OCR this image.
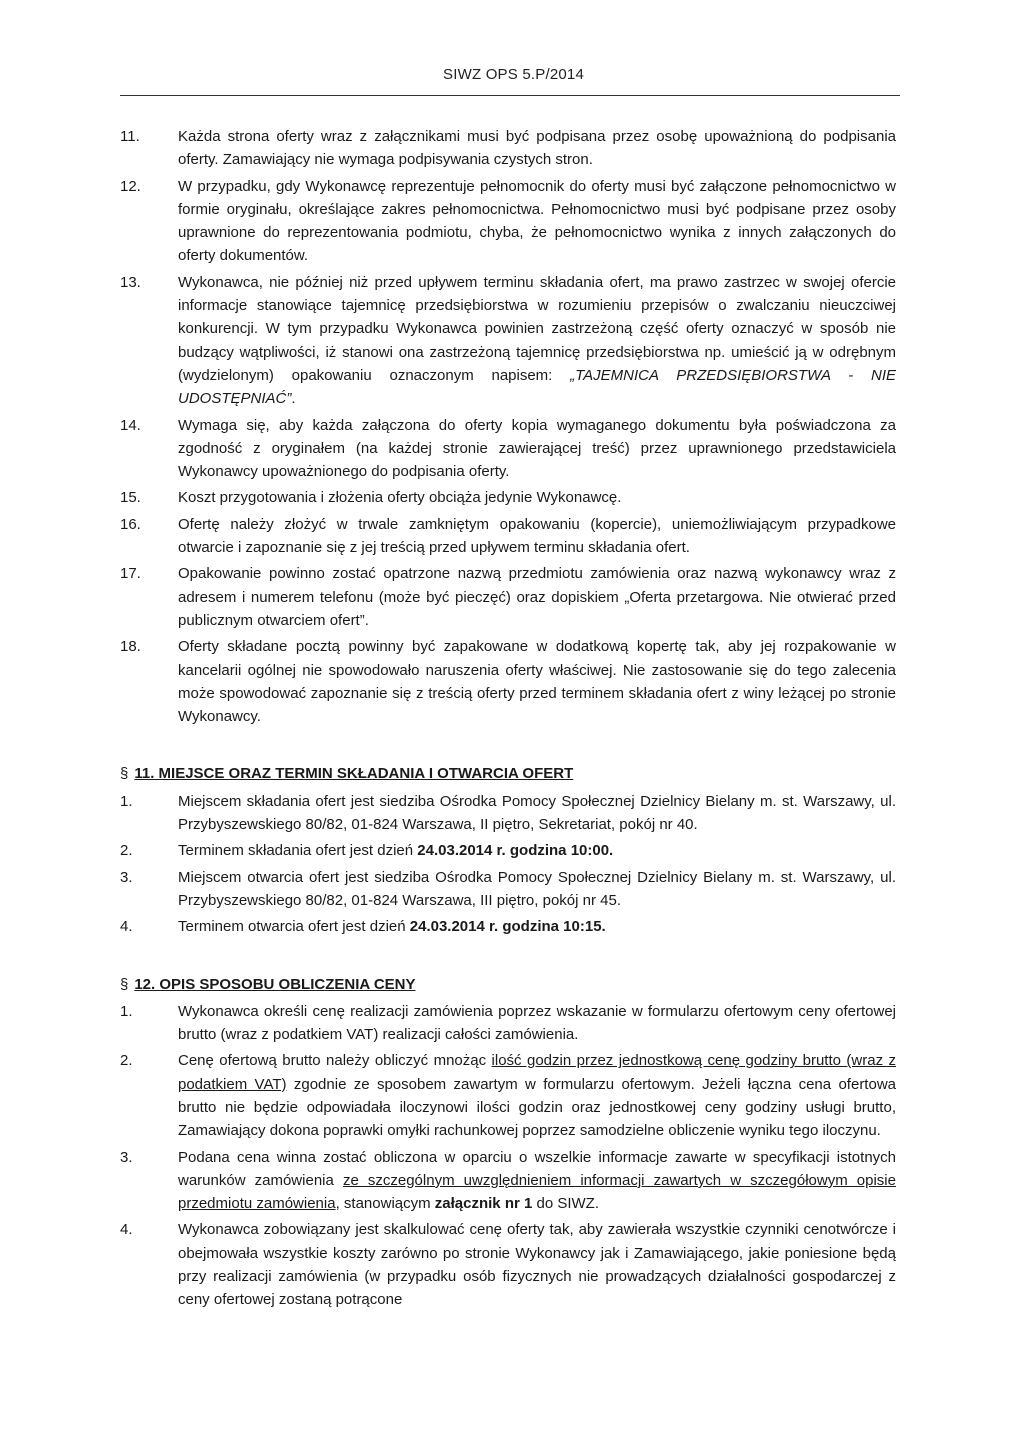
SIWZ OPS 5.P/2014
11.	Każda strona oferty wraz z załącznikami musi być podpisana przez osobę upoważnioną do podpisania oferty. Zamawiający nie wymaga podpisywania czystych stron.
12.	W przypadku, gdy Wykonawcę reprezentuje pełnomocnik do oferty musi być załączone pełnomocnictwo w formie oryginału, określające zakres pełnomocnictwa. Pełnomocnictwo musi być podpisane przez osoby uprawnione do reprezentowania podmiotu, chyba, że pełnomocnictwo wynika z innych załączonych do oferty dokumentów.
13.	Wykonawca, nie później niż przed upływem terminu składania ofert, ma prawo zastrzec w swojej ofercie informacje stanowiące tajemnicę przedsiębiorstwa w rozumieniu przepisów o zwalczaniu nieuczciwej konkurencji. W tym przypadku Wykonawca powinien zastrzeżoną część oferty oznaczyć w sposób nie budzący wątpliwości, iż stanowi ona zastrzeżoną tajemnicę przedsiębiorstwa np. umieścić ją w odrębnym (wydzielonym) opakowaniu oznaczonym napisem: „TAJEMNICA PRZEDSIĘBIORSTWA - NIE UDOSTĘPNIAĆ”.
14.	Wymaga się, aby każda załączona do oferty kopia wymaganego dokumentu była poświadczona za zgodność z oryginałem (na każdej stronie zawierającej treść) przez uprawnionego przedstawiciela Wykonawcy upoważnionego do podpisania oferty.
15.	Koszt przygotowania i złożenia oferty obciąża jedynie Wykonawcę.
16.	Ofertę należy złożyć w trwale zamkniętym opakowaniu (kopercie), uniemożliwiającym przypadkowe otwarcie i zapoznanie się z jej treścią przed upływem terminu składania ofert.
17.	Opakowanie powinno zostać opatrzone nazwą przedmiotu zamówienia oraz nazwą wykonawcy wraz z adresem i numerem telefonu (może być pieczęć) oraz dopiskiem „Oferta przetargowa. Nie otwierać przed publicznym otwarciem ofert”.
18.	Oferty składane pocztą powinny być zapakowane w dodatkową kopertę tak, aby jej rozpakowanie w kancelarii ogólnej nie spowodowało naruszenia oferty właściwej. Nie zastosowanie się do tego zalecenia może spowodować zapoznanie się z treścią oferty przed terminem składania ofert z winy leżącej po stronie Wykonawcy.
§ 11. MIEJSCE ORAZ TERMIN SKŁADANIA I OTWARCIA OFERT
1.	Miejscem składania ofert jest siedziba Ośrodka Pomocy Społecznej Dzielnicy Bielany m. st. Warszawy, ul. Przybyszewskiego 80/82, 01-824 Warszawa, II piętro, Sekretariat, pokój nr 40.
2.	Terminem składania ofert jest dzień 24.03.2014 r. godzina 10:00.
3.	Miejscem otwarcia ofert jest siedziba Ośrodka Pomocy Społecznej Dzielnicy Bielany m. st. Warszawy, ul. Przybyszewskiego 80/82, 01-824 Warszawa, III piętro, pokój nr 45.
4.	Terminem otwarcia ofert jest dzień 24.03.2014 r. godzina 10:15.
§ 12. OPIS SPOSOBU OBLICZENIA CENY
1.	Wykonawca określi cenę realizacji zamówienia poprzez wskazanie w formularzu ofertowym ceny ofertowej brutto (wraz z podatkiem VAT) realizacji całości zamówienia.
2.	Cenę ofertową brutto należy obliczyć mnożąc ilość godzin przez jednostkową cenę godziny brutto (wraz z podatkiem VAT) zgodnie ze sposobem zawartym w formularzu ofertowym. Jeżeli łączna cena ofertowa brutto nie będzie odpowiadała iloczynowi ilości godzin oraz jednostkowej ceny godziny usługi brutto, Zamawiający dokona poprawki omyłki rachunkowej poprzez samodzielne obliczenie wyniku tego iloczynu.
3.	Podana cena winna zostać obliczona w oparciu o wszelkie informacje zawarte w specyfikacji istotnych warunków zamówienia ze szczególnym uwzględnieniem informacji zawartych w szczegółowym opisie przedmiotu zamówienia, stanowiącym załącznik nr 1 do SIWZ.
4.	Wykonawca zobowiązany jest skalkulować cenę oferty tak, aby zawierała wszystkie czynniki cenotwórcze i obejmowała wszystkie koszty zarówno po stronie Wykonawcy jak i Zamawiającego, jakie poniesione będą przy realizacji zamówienia (w przypadku osób fizycznych nie prowadzących działalności gospodarczej z ceny ofertowej zostaną potrącone
